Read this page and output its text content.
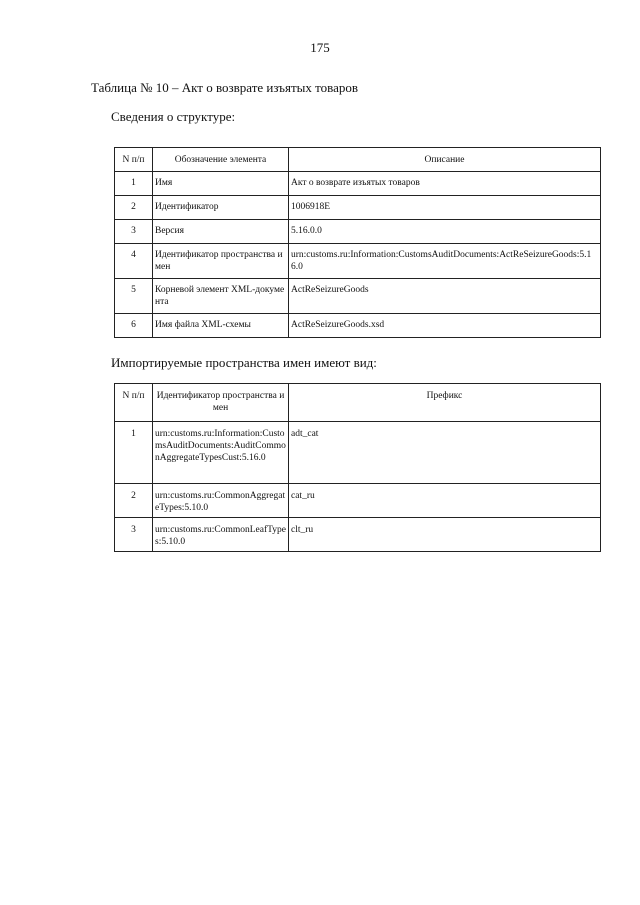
175
Таблица № 10 – Акт о возврате изъятых товаров
Сведения о структуре:
N п/п	Обозначение элемента	Описание
1	Имя	Акт о возврате изъятых товаров
2	Идентификатор	1006918E
3	Версия	5.16.0.0
4	Идентификатор пространства имен	urn:customs.ru:Information:CustomsAuditDocuments:ActReSeizureGoods:5.16.0
5	Корневой элемент XML-документа	ActReSeizureGoods
6	Имя файла XML-схемы	ActReSeizureGoods.xsd
Импортируемые пространства имен имеют вид:
N п/п	Идентификатор пространства имен	Префикс
1	urn:customs.ru:Information:CustomsAuditDocuments:AuditCommonAggregateTypesCust:5.16.0	adt_cat
2	urn:customs.ru:CommonAggregateTypes:5.10.0	cat_ru
3	urn:customs.ru:CommonLeafTypes:5.10.0	clt_ru
